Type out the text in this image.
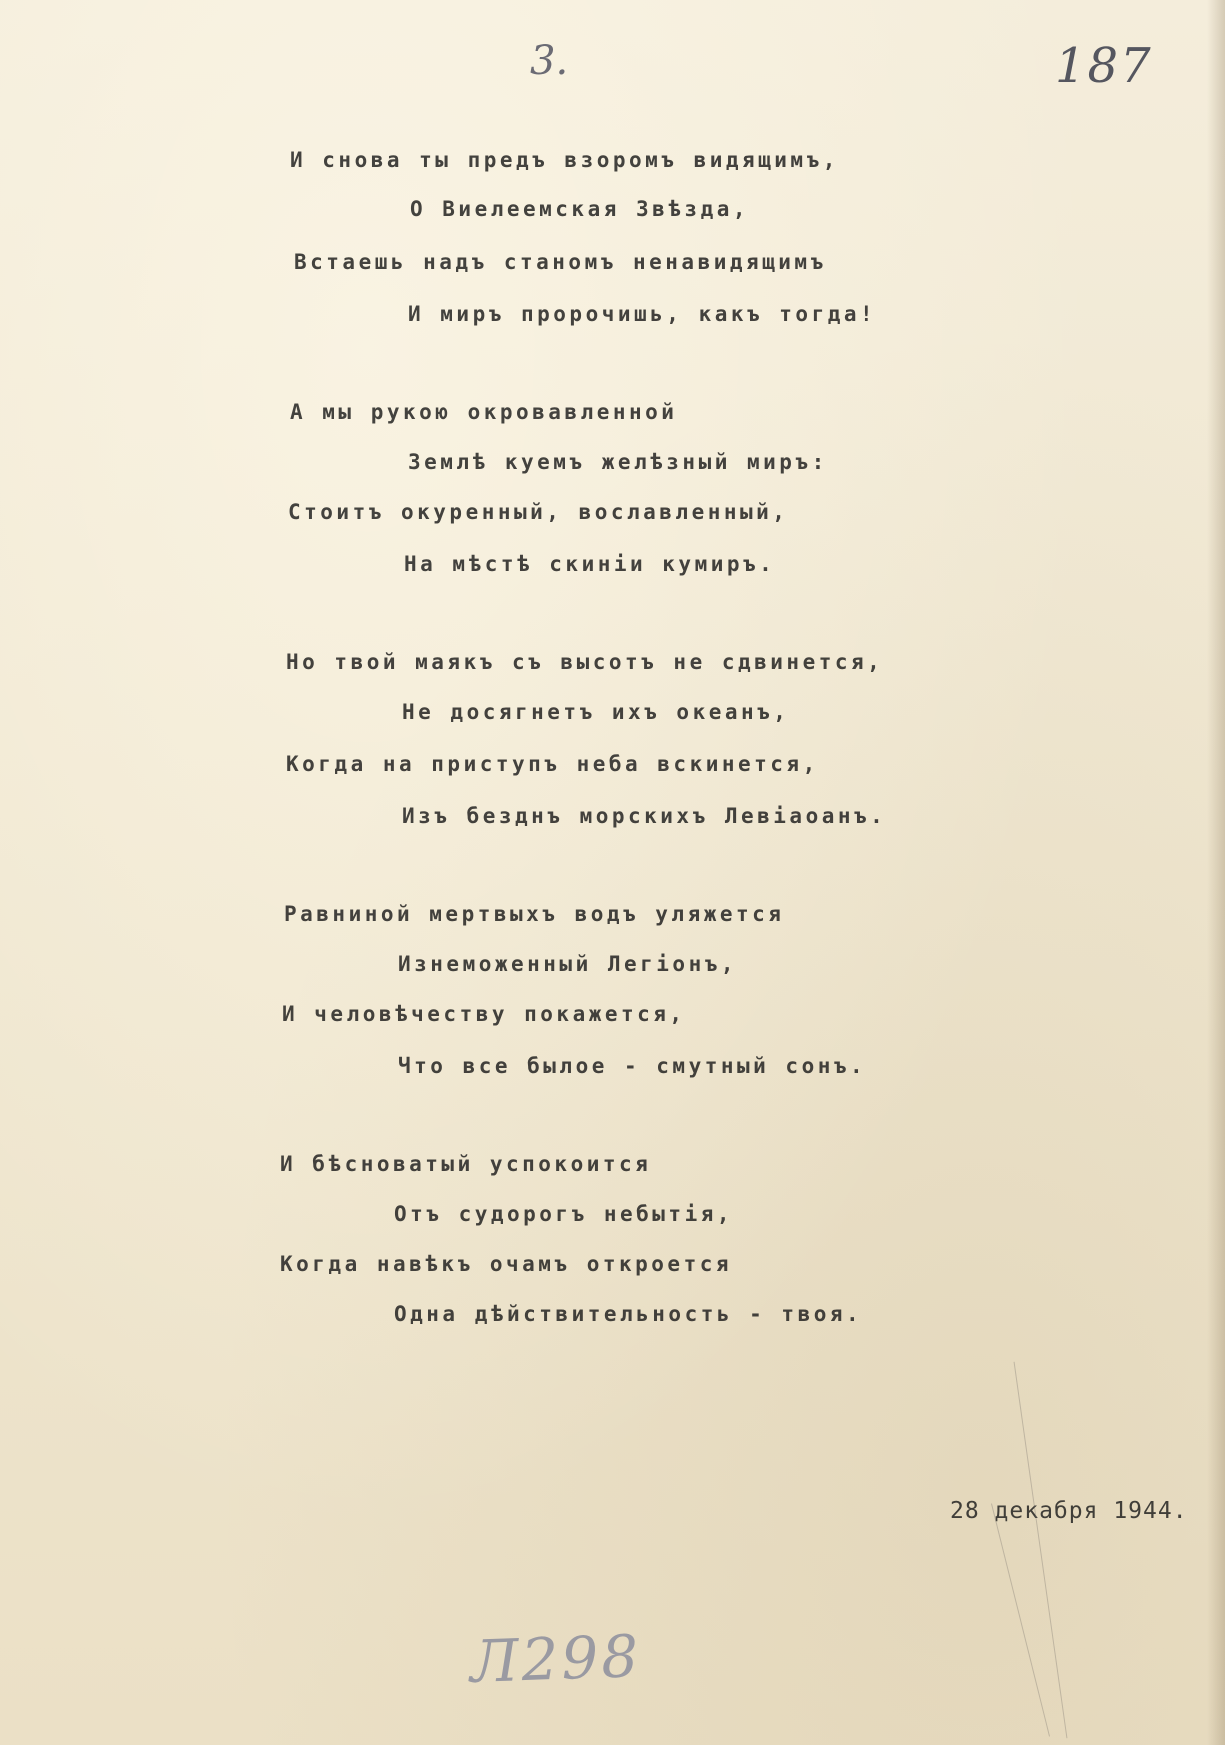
3.	187
И снова ты предъ взоромъ видящимъ,
О Виелеемская Звѣзда,
Встаешь надъ станомъ ненавидящимъ
И миръ пророчишь, какъ тогда!
А мы рукою окровавленной
Землѣ куемъ желѣзный миръ:
Стоитъ окуренный, вославленный,
На мѣстѣ скиніи кумиръ.
Но твой маякъ съ высотъ не сдвинется,
Не досягнетъ ихъ океанъ,
Когда на приступъ неба вскинется,
Изъ безднъ морскихъ Левіаоанъ.
Равниной мертвыхъ водъ уляжется
Изнеможенный Легіонъ,
И человѣчеству покажется,
Что все былое - смутный сонъ.
И бѣсноватый успокоится
Отъ судорогъ небытія,
Когда навѣкъ очамъ откроется
Одна дѣйствительность - твоя.
28 декабря 1944.
Л298
